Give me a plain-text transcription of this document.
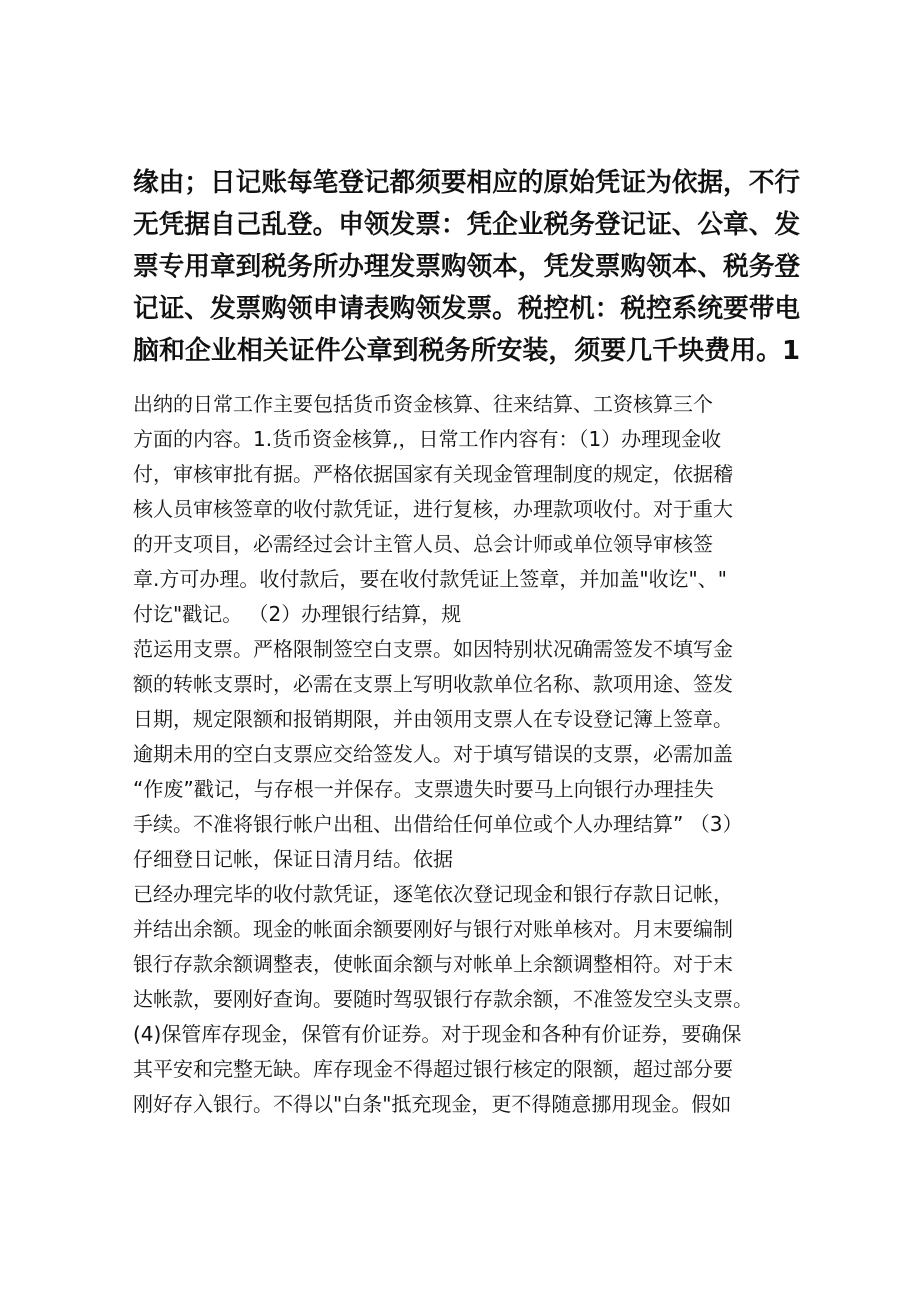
缘由；日记账每笔登记都须要相应的原始凭证为依据，不行
无凭据自己乱登。申领发票：凭企业税务登记证、公章、发
票专用章到税务所办理发票购领本，凭发票购领本、税务登
记证、发票购领申请表购领发票。税控机：税控系统要带电
脑和企业相关证件公章到税务所安装，须要几千块费用。1
出纳的日常工作主要包括货币资金核算、往来结算、工资核算三个
方面的内容。1.货币资金核算,，日常工作内容有：（1）办理现金收
付，审核审批有据。严格依据国家有关现金管理制度的规定，依据稽
核人员审核签章的收付款凭证，进行复核，办理款项收付。对于重大
的开支项目，必需经过会计主管人员、总会计师或单位领导审核签
章.方可办理。收付款后，要在收付款凭证上签章，并加盖"收讫"、"
付讫"戳记。 （2）办理银行结算，规
范运用支票。严格限制签空白支票。如因特别状况确需签发不填写金
额的转帐支票时，必需在支票上写明收款单位名称、款项用途、签发
日期，规定限额和报销期限，并由领用支票人在专设登记簿上签章。
逾期未用的空白支票应交给签发人。对于填写错误的支票，必需加盖
“作废”戳记，与存根一并保存。支票遗失时要马上向银行办理挂失
手续。不准将银行帐户出租、出借给任何单位或个人办理结算” （3）
仔细登日记帐，保证日清月结。依据
已经办理完毕的收付款凭证，逐笔依次登记现金和银行存款日记帐，
并结出余额。现金的帐面余额要刚好与银行对账单核对。月末要编制
银行存款余额调整表，使帐面余额与对帐单上余额调整相符。对于末
达帐款，要刚好查询。要随时驾驭银行存款余额，不准签发空头支票。
(4)保管库存现金，保管有价证券。对于现金和各种有价证券，要确保
其平安和完整无缺。库存现金不得超过银行核定的限额，超过部分要
刚好存入银行。不得以"白条"抵充现金，更不得随意挪用现金。假如
